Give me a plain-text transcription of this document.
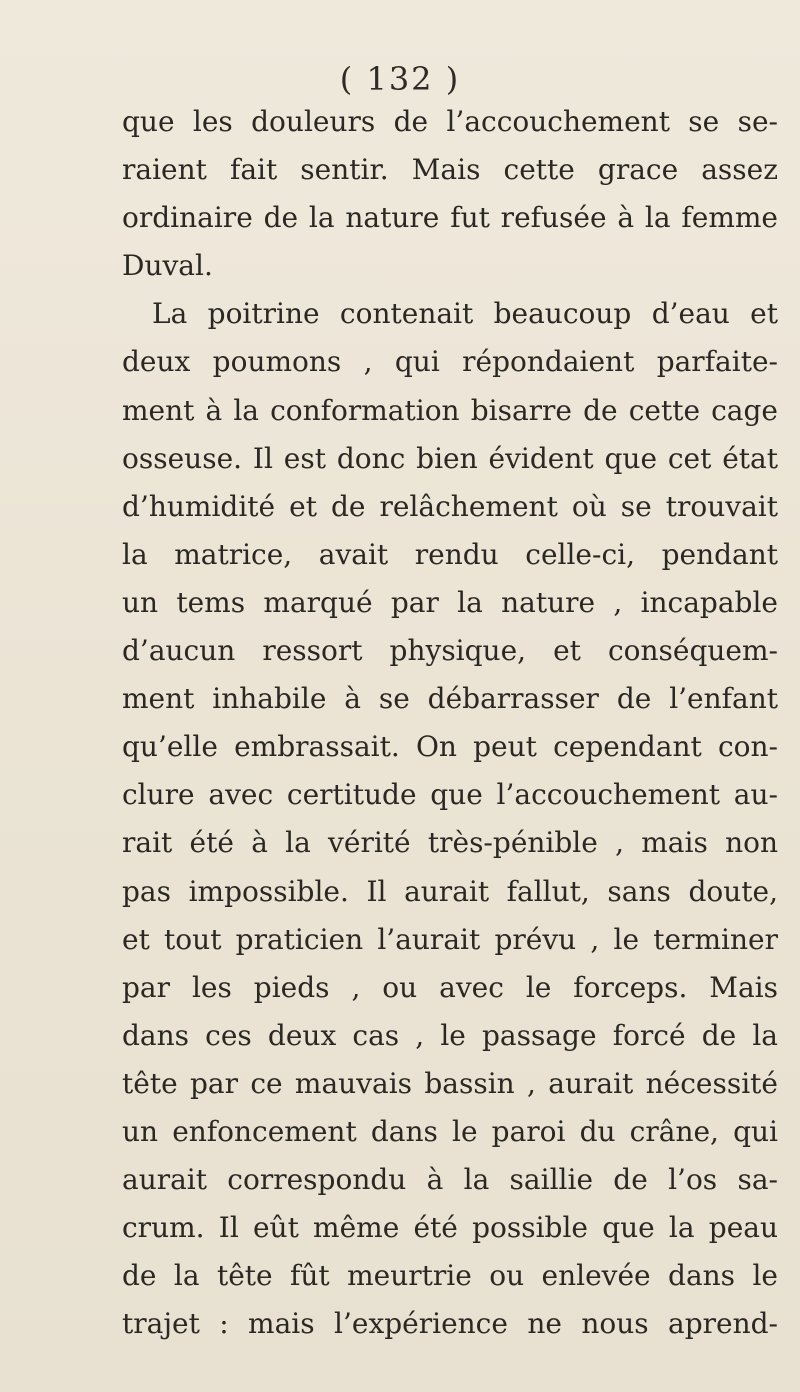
( 132 )
que les douleurs de l’accouchement se se-
raient fait sentir. Mais cette grace assez
ordinaire de la nature fut refusée à la femme
Duval.
La poitrine contenait beaucoup d’eau et
deux poumons , qui répondaient parfaite-
ment à la conformation bisarre de cette cage
osseuse. Il est donc bien évident que cet état
d’humidité et de relâchement où se trouvait
la matrice, avait rendu celle-ci, pendant
un tems marqué par la nature , incapable
d’aucun ressort physique, et conséquem-
ment inhabile à se débarrasser de l’enfant
qu’elle embrassait. On peut cependant con-
clure avec certitude que l’accouchement au-
rait été à la vérité très-pénible , mais non
pas impossible. Il aurait fallut, sans doute,
et tout praticien l’aurait prévu , le terminer
par les pieds , ou avec le forceps. Mais
dans ces deux cas , le passage forcé de la
tête par ce mauvais bassin , aurait nécessité
un enfoncement dans le paroi du crâne, qui
aurait correspondu à la saillie de l’os sa-
crum. Il eût même été possible que la peau
de la tête fût meurtrie ou enlevée dans le
trajet : mais l’expérience ne nous aprend-
